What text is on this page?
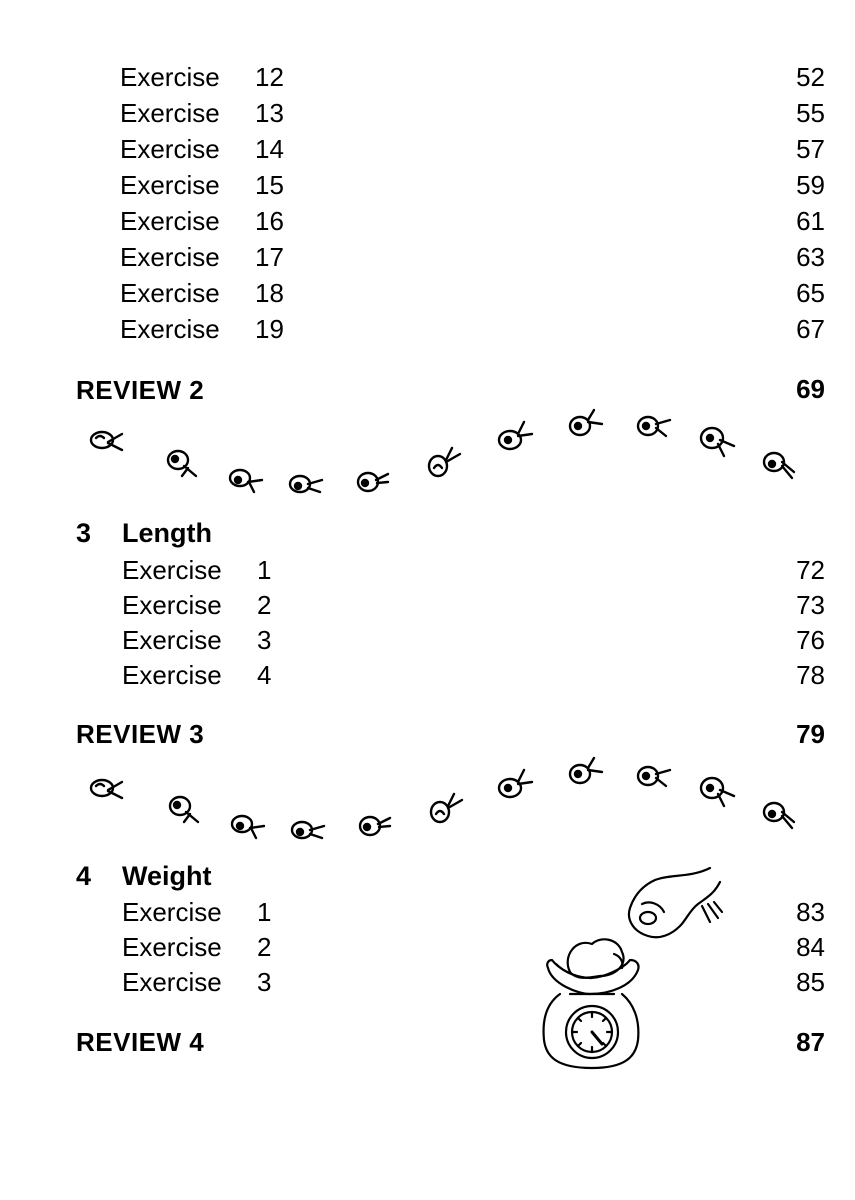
Exercise 12	52
Exercise 13	55
Exercise 14	57
Exercise 15	59
Exercise 16	61
Exercise 17	63
Exercise 18	65
Exercise 19	67
REVIEW 2	69
3 Length
Exercise 1	72
Exercise 2	73
Exercise 3	76
Exercise 4	78
REVIEW 3	79
4 Weight
Exercise 1	83
Exercise 2	84
Exercise 3	85
REVIEW 4	87
